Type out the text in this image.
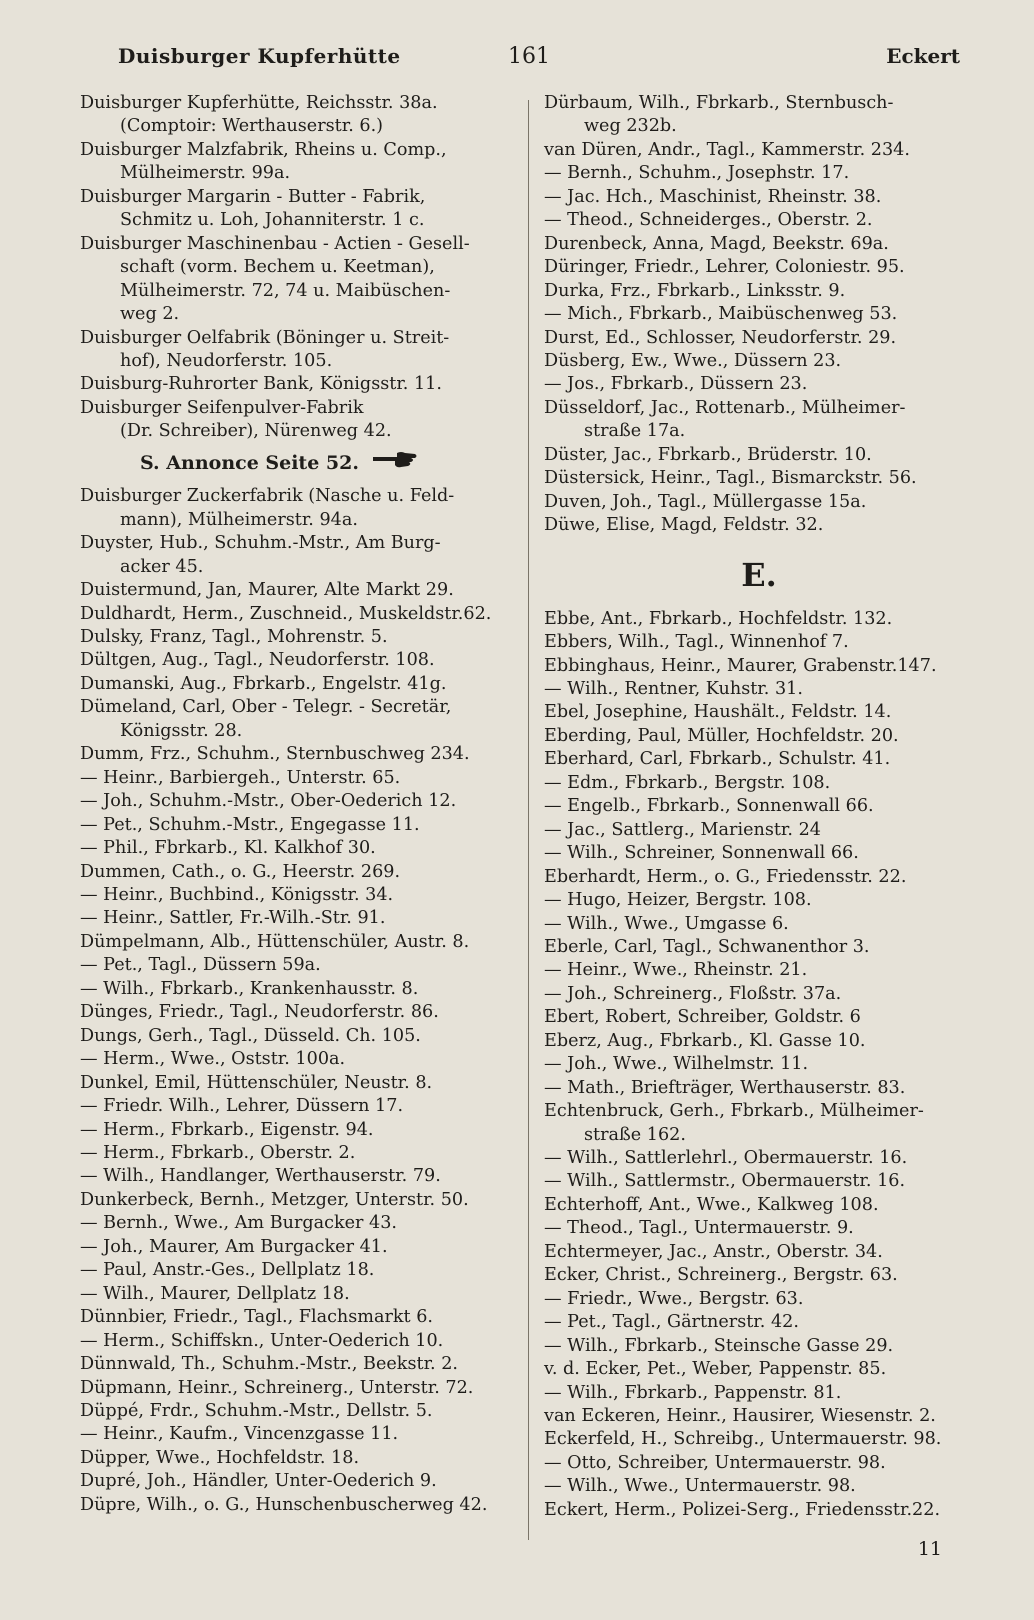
Duisburger Kupferhütte	161	Eckert
Duisburger Kupferhütte, Reichsstr. 38a.
(Comptoir: Werthauserstr. 6.)
Duisburger Malzfabrik, Rheins u. Comp.,
Mülheimerstr. 99a.
Duisburger Margarin - Butter - Fabrik,
Schmitz u. Loh, Johanniterstr. 1 c.
Duisburger Maschinenbau - Actien - Gesell-
schaft (vorm. Bechem u. Keetman),
Mülheimerstr. 72, 74 u. Maibüschen-
weg 2.
Duisburger Oelfabrik (Böninger u. Streit-
hof), Neudorferstr. 105.
Duisburg-Ruhrorter Bank, Königsstr. 11.
Duisburger Seifenpulver-Fabrik
(Dr. Schreiber), Nürenweg 42.
S. Annonce Seite 52.
Duisburger Zuckerfabrik (Nasche u. Feld-
mann), Mülheimerstr. 94a.
Duyster, Hub., Schuhm.-Mstr., Am Burg-
acker 45.
Duistermund, Jan, Maurer, Alte Markt 29.
Duldhardt, Herm., Zuschneid., Muskeldstr.62.
Dulsky, Franz, Tagl., Mohrenstr. 5.
Dültgen, Aug., Tagl., Neudorferstr. 108.
Dumanski, Aug., Fbrkarb., Engelstr. 41g.
Dümeland, Carl, Ober - Telegr. - Secretär,
Königsstr. 28.
Dumm, Frz., Schuhm., Sternbuschweg 234.
— Heinr., Barbiergeh., Unterstr. 65.
— Joh., Schuhm.-Mstr., Ober-Oederich 12.
— Pet., Schuhm.-Mstr., Engegasse 11.
— Phil., Fbrkarb., Kl. Kalkhof 30.
Dummen, Cath., o. G., Heerstr. 269.
— Heinr., Buchbind., Königsstr. 34.
— Heinr., Sattler, Fr.-Wilh.-Str. 91.
Dümpelmann, Alb., Hüttenschüler, Austr. 8.
— Pet., Tagl., Düssern 59a.
— Wilh., Fbrkarb., Krankenhausstr. 8.
Dünges, Friedr., Tagl., Neudorferstr. 86.
Dungs, Gerh., Tagl., Düsseld. Ch. 105.
— Herm., Wwe., Oststr. 100a.
Dunkel, Emil, Hüttenschüler, Neustr. 8.
— Friedr. Wilh., Lehrer, Düssern 17.
— Herm., Fbrkarb., Eigenstr. 94.
— Herm., Fbrkarb., Oberstr. 2.
— Wilh., Handlanger, Werthauserstr. 79.
Dunkerbeck, Bernh., Metzger, Unterstr. 50.
— Bernh., Wwe., Am Burgacker 43.
— Joh., Maurer, Am Burgacker 41.
— Paul, Anstr.-Ges., Dellplatz 18.
— Wilh., Maurer, Dellplatz 18.
Dünnbier, Friedr., Tagl., Flachsmarkt 6.
— Herm., Schiffskn., Unter-Oederich 10.
Dünnwald, Th., Schuhm.-Mstr., Beekstr. 2.
Düpmann, Heinr., Schreinerg., Unterstr. 72.
Düppé, Frdr., Schuhm.-Mstr., Dellstr. 5.
— Heinr., Kaufm., Vincenzgasse 11.
Düpper, Wwe., Hochfeldstr. 18.
Dupré, Joh., Händler, Unter-Oederich 9.
Düpre, Wilh., o. G., Hunschenbuscherweg 42.
Dürbaum, Wilh., Fbrkarb., Sternbusch-
weg 232b.
van Düren, Andr., Tagl., Kammerstr. 234.
— Bernh., Schuhm., Josephstr. 17.
— Jac. Hch., Maschinist, Rheinstr. 38.
— Theod., Schneiderges., Oberstr. 2.
Durenbeck, Anna, Magd, Beekstr. 69a.
Düringer, Friedr., Lehrer, Coloniestr. 95.
Durka, Frz., Fbrkarb., Linksstr. 9.
— Mich., Fbrkarb., Maibüschenweg 53.
Durst, Ed., Schlosser, Neudorferstr. 29.
Düsberg, Ew., Wwe., Düssern 23.
— Jos., Fbrkarb., Düssern 23.
Düsseldorf, Jac., Rottenarb., Mülheimer-
straße 17a.
Düster, Jac., Fbrkarb., Brüderstr. 10.
Düstersick, Heinr., Tagl., Bismarckstr. 56.
Duven, Joh., Tagl., Müllergasse 15a.
Düwe, Elise, Magd, Feldstr. 32.
E.
Ebbe, Ant., Fbrkarb., Hochfeldstr. 132.
Ebbers, Wilh., Tagl., Winnenhof 7.
Ebbinghaus, Heinr., Maurer, Grabenstr.147.
— Wilh., Rentner, Kuhstr. 31.
Ebel, Josephine, Haushält., Feldstr. 14.
Eberding, Paul, Müller, Hochfeldstr. 20.
Eberhard, Carl, Fbrkarb., Schulstr. 41.
— Edm., Fbrkarb., Bergstr. 108.
— Engelb., Fbrkarb., Sonnenwall 66.
— Jac., Sattlerg., Marienstr. 24
— Wilh., Schreiner, Sonnenwall 66.
Eberhardt, Herm., o. G., Friedensstr. 22.
— Hugo, Heizer, Bergstr. 108.
— Wilh., Wwe., Umgasse 6.
Eberle, Carl, Tagl., Schwanenthor 3.
— Heinr., Wwe., Rheinstr. 21.
— Joh., Schreinerg., Floßstr. 37a.
Ebert, Robert, Schreiber, Goldstr. 6
Eberz, Aug., Fbrkarb., Kl. Gasse 10.
— Joh., Wwe., Wilhelmstr. 11.
— Math., Briefträger, Werthauserstr. 83.
Echtenbruck, Gerh., Fbrkarb., Mülheimer-
straße 162.
— Wilh., Sattlerlehrl., Obermauerstr. 16.
— Wilh., Sattlermstr., Obermauerstr. 16.
Echterhoff, Ant., Wwe., Kalkweg 108.
— Theod., Tagl., Untermauerstr. 9.
Echtermeyer, Jac., Anstr., Oberstr. 34.
Ecker, Christ., Schreinerg., Bergstr. 63.
— Friedr., Wwe., Bergstr. 63.
— Pet., Tagl., Gärtnerstr. 42.
— Wilh., Fbrkarb., Steinsche Gasse 29.
v. d. Ecker, Pet., Weber, Pappenstr. 85.
— Wilh., Fbrkarb., Pappenstr. 81.
van Eckeren, Heinr., Hausirer, Wiesenstr. 2.
Eckerfeld, H., Schreibg., Untermauerstr. 98.
— Otto, Schreiber, Untermauerstr. 98.
— Wilh., Wwe., Untermauerstr. 98.
Eckert, Herm., Polizei-Serg., Friedensstr.22.
11
